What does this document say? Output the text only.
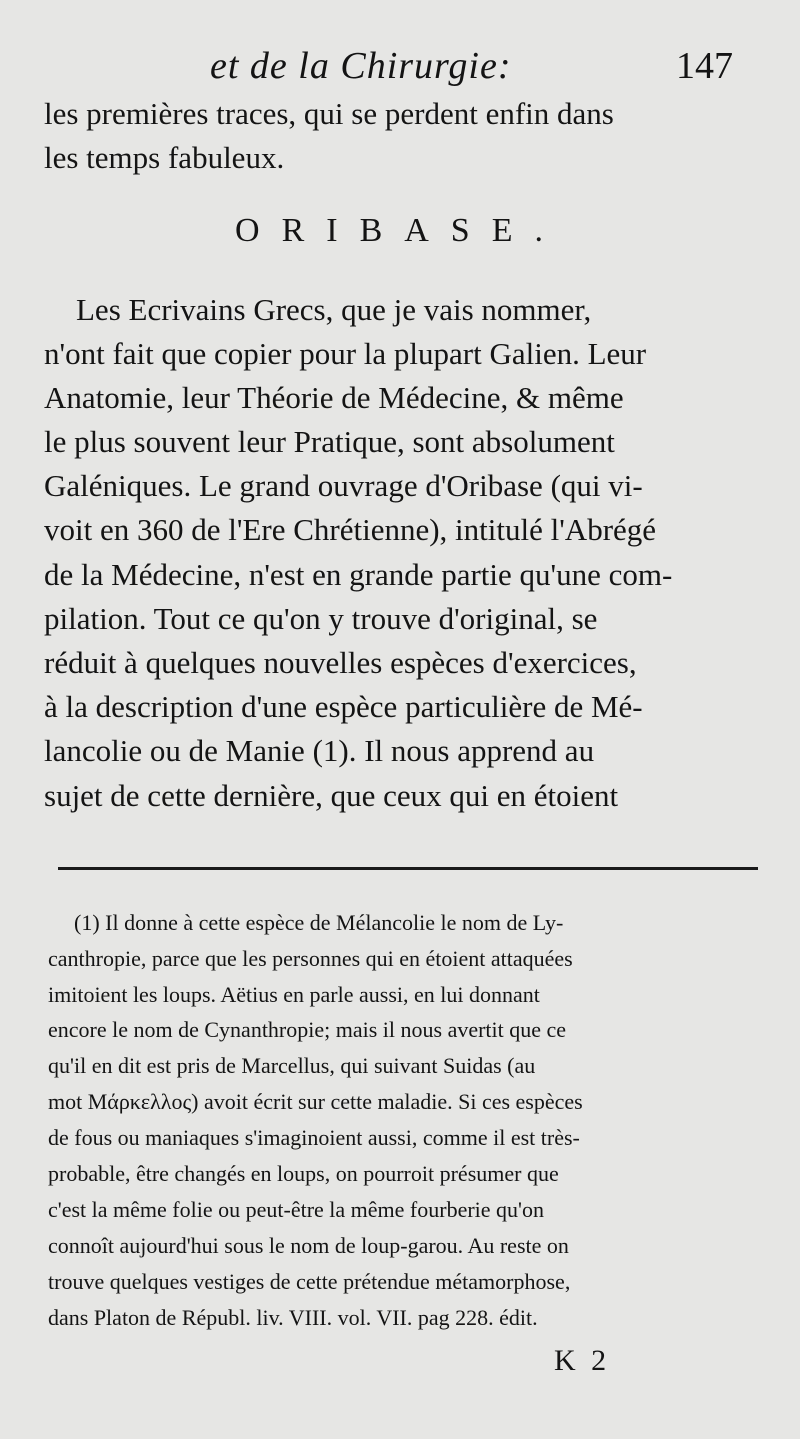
et de la Chirurgie:	147
les premières traces, qui se perdent enfin dans
les temps fabuleux.
ORIBASE.
Les Ecrivains Grecs, que je vais nommer,
n'ont fait que copier pour la plupart Galien. Leur
Anatomie, leur Théorie de Médecine, & même
le plus souvent leur Pratique, sont absolument
Galéniques. Le grand ouvrage d'Oribase (qui vi-
voit en 360 de l'Ere Chrétienne), intitulé l'Abrégé
de la Médecine, n'est en grande partie qu'une com-
pilation. Tout ce qu'on y trouve d'original, se
réduit à quelques nouvelles espèces d'exercices,
à la description d'une espèce particulière de Mé-
lancolie ou de Manie (1). Il nous apprend au
sujet de cette dernière, que ceux qui en étoient
(1) Il donne à cette espèce de Mélancolie le nom de Ly-
canthropie, parce que les personnes qui en étoient attaquées
imitoient les loups. Aëtius en parle aussi, en lui donnant
encore le nom de Cynanthropie; mais il nous avertit que ce
qu'il en dit est pris de Marcellus, qui suivant Suidas (au
mot Μάρκελλος) avoit écrit sur cette maladie. Si ces espèces
de fous ou maniaques s'imaginoient aussi, comme il est très-
probable, être changés en loups, on pourroit présumer que
c'est la même folie ou peut-être la même fourberie qu'on
connoît aujourd'hui sous le nom de loup-garou. Au reste on
trouve quelques vestiges de cette prétendue métamorphose,
dans Platon de Républ. liv. VIII. vol. VII. pag 228. édit.
K 2
